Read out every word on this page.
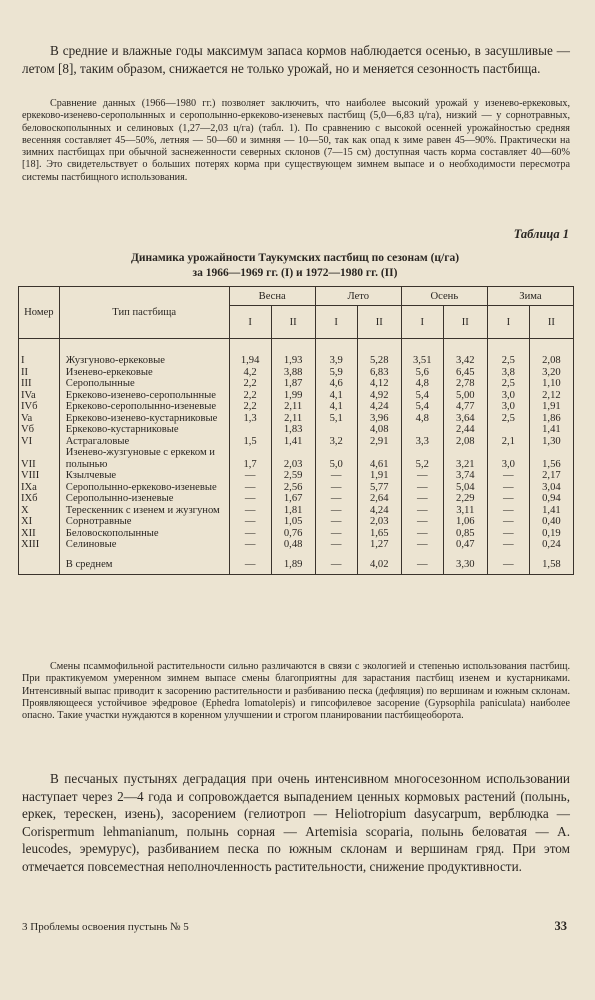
В средние и влажные годы максимум запаса кормов наблюдается осенью, в засушливые — летом [8], таким образом, снижается не только урожай, но и меняется сезонность пастбища.

Сравнение данных (1966—1980 гг.) позволяет заключить, что наиболее высокий урожай у изенево-еркековых, еркеково-изенево-серополынных и серополынно-еркеково-изеневых пастбищ (5,0—6,83 ц/га), низкий — у сорнотравных, беловоскополынных и селиновых (1,27—2,03 ц/га) (табл. 1). По сравнению с высокой осенней урожайностью средняя весенняя составляет 45—50%, летняя — 50—60 и зимняя — 10—50, так как опад к зиме равен 45—90%. Практически на зимних пастбищах при обычной заснеженности северных склонов (7—15 см) доступная часть корма составляет 40—60% [18]. Это свидетельствует о больших потерях корма при существующем зимнем выпасе и о необходимости пересмотра системы пастбищного использования.

Таблица 1
Динамика урожайности Таукумских пастбищ по сезонам (ц/га)
за 1966—1969 гг. (I) и 1972—1980 гг. (II)
Номер	Тип пастбища	Весна		Лето		Осень		Зима	
		I	II	I	II	I	II	I	II
I	Жузгуново-еркековые	1,94	1,93	3,9	5,28	3,51	3,42	2,5	2,08
II	Изенево-еркековые	4,2	3,88	5,9	6,83	5,6	6,45	3,8	3,20
III	Серополынные	2,2	1,87	4,6	4,12	4,8	2,78	2,5	1,10
IVa	Еркеково-изенево-серополынные	2,2	1,99	4,1	4,92	5,4	5,00	3,0	2,12
IVб	Еркеково-серополынно-изеневые	2,2	2,11	4,1	4,24	5,4	4,77	3,0	1,91
Va	Еркеково-изенево-кустарниковые	1,3	2,11	5,1	3,96	4,8	3,64	2,5	1,86
Vб	Еркеково-кустарниковые		1,83		4,08		2,44		1,41
VI	Астрагаловые	1,5	1,41	3,2	2,91	3,3	2,08	2,1	1,30
VII	Изенево-жузгуновые с еркеком и полынью	1,7	2,03	5,0	4,61	5,2	3,21	3,0	1,56
VIII	Кзылчевые	—	2,59	—	1,91	—	3,74	—	2,17
IXa	Серополынно-еркеково-изеневые	—	2,56	—	5,77	—	5,04	—	3,04
IXб	Серополынно-изеневые	—	1,67	—	2,64	—	2,29	—	0,94
X	Терескенник с изенем и жузгуном	—	1,81	—	4,24	—	3,11	—	1,41
XI	Сорнотравные	—	1,05	—	2,03	—	1,06	—	0,40
XII	Беловоскополынные	—	0,76	—	1,65	—	0,85	—	0,19
XIII	Селиновые	—	0,48	—	1,27	—	0,47	—	0,24
	В среднем	—	1,89	—	4,02	—	3,30	—	1,58

Смены псаммофильной растительности сильно различаются в связи с экологией и степенью использования пастбищ. При практикуемом умеренном зимнем выпасе смены благоприятны для зарастания пастбищ изенем и кустарниками. Интенсивный выпас приводит к засорению растительности и разбиванию песка (дефляция) по вершинам и южным склонам. Проявляющееся устойчивое эфедровое (Ephedra lomatolepis) и гипсофилевое засорение (Gypsophila paniculata) наиболее опасно. Такие участки нуждаются в коренном улучшении и строгом планировании пастбищеоборота.

В песчаных пустынях деградация при очень интенсивном многосезонном использовании наступает через 2—4 года и сопровождается выпадением ценных кормовых растений (полынь, еркек, терескен, изень), засорением (гелиотроп — Heliotropium dasycarpum, верблюдка — Corispermum lehmanianum, полынь сорная — Artemisia scoparia, полынь беловатая — A. leucodes, эремурус), разбиванием песка по южным склонам и вершинам гряд. При этом отмечается повсеместная неполночленность растительности, снижение продуктивности.

3 Проблемы освоения пустынь № 5	33
